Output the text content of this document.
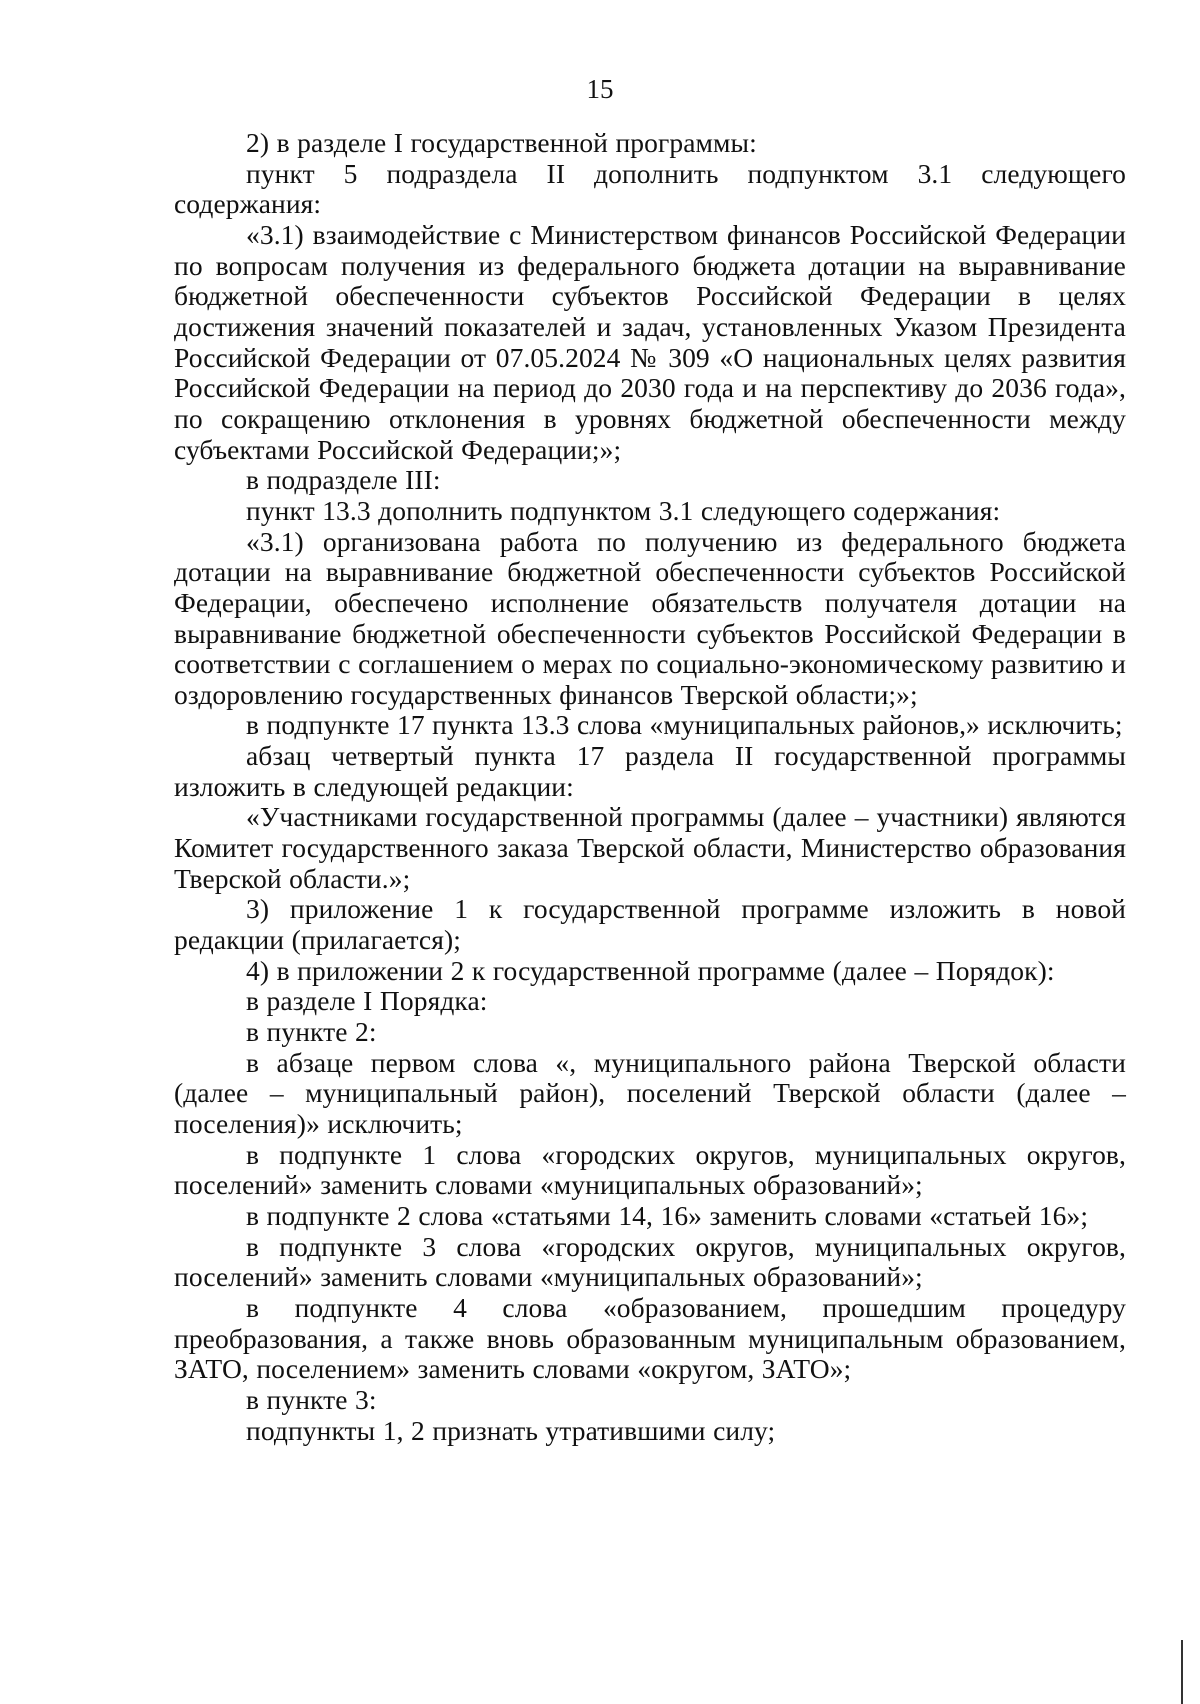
15

2) в разделе I государственной программы:

пункт 5 подраздела II дополнить подпунктом 3.1 следующего содержания:

«3.1) взаимодействие с Министерством финансов Российской Федерации по вопросам получения из федерального бюджета дотации на выравнивание бюджетной обеспеченности субъектов Российской Федерации в целях достижения значений показателей и задач, установленных Указом Президента Российской Федерации от 07.05.2024 № 309 «О национальных целях развития Российской Федерации на период до 2030 года и на перспективу до 2036 года», по сокращению отклонения в уровнях бюджетной обеспеченности между субъектами Российской Федерации;»;

в подразделе III:

пункт 13.3 дополнить подпунктом 3.1 следующего содержания:

«3.1) организована работа по получению из федерального бюджета дотации на выравнивание бюджетной обеспеченности субъектов Российской Федерации, обеспечено исполнение обязательств получателя дотации на выравнивание бюджетной обеспеченности субъектов Российской Федерации в соответствии с соглашением о мерах по социально-экономическому развитию и оздоровлению государственных финансов Тверской области;»;

в подпункте 17 пункта 13.3 слова «муниципальных районов,» исключить;

абзац четвертый пункта 17 раздела II государственной программы изложить в следующей редакции:

«Участниками государственной программы (далее – участники) являются Комитет государственного заказа Тверской области, Министерство образования Тверской области.»;

3) приложение 1 к государственной программе изложить в новой редакции (прилагается);

4) в приложении 2 к государственной программе (далее – Порядок):

в разделе I Порядка:

в пункте 2:

в абзаце первом слова «, муниципального района Тверской области (далее – муниципальный район), поселений Тверской области (далее – поселения)» исключить;

в подпункте 1 слова «городских округов, муниципальных округов, поселений» заменить словами «муниципальных образований»;

в подпункте 2 слова «статьями 14, 16» заменить словами «статьей 16»;

в подпункте 3 слова «городских округов, муниципальных округов, поселений» заменить словами «муниципальных образований»;

в подпункте 4 слова «образованием, прошедшим процедуру преобразования, а также вновь образованным муниципальным образованием, ЗАТО, поселением» заменить словами «округом, ЗАТО»;

в пункте 3:

подпункты 1, 2 признать утратившими силу;
